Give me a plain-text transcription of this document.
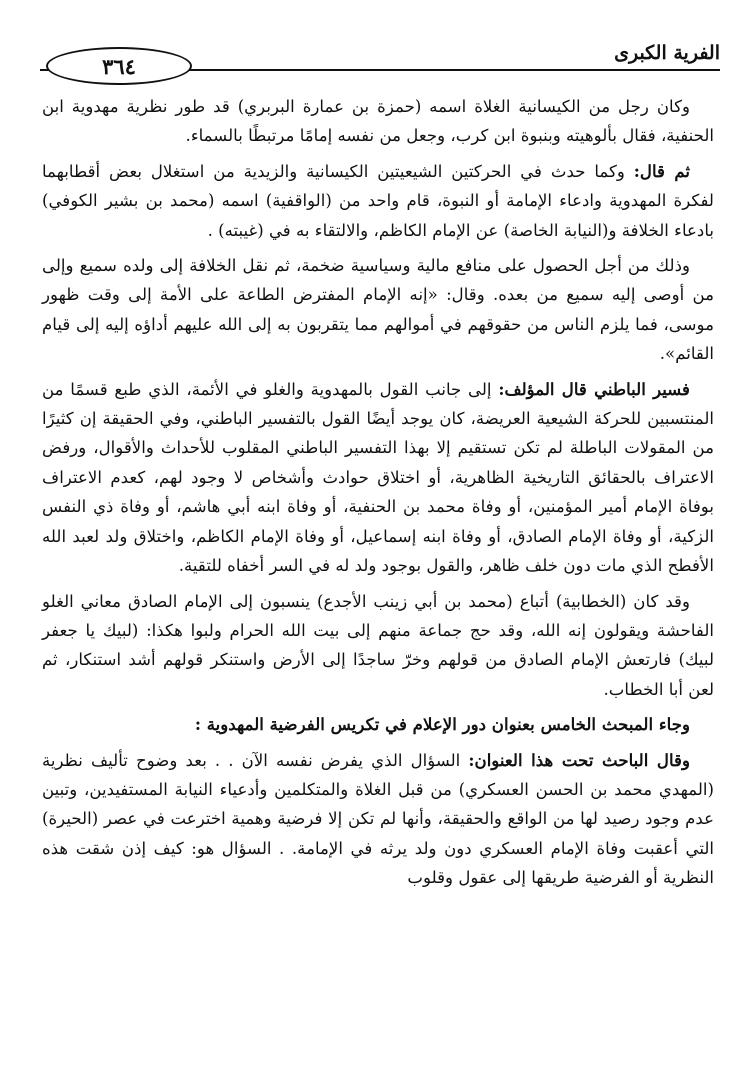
الفرية الكبرى
٣٦٤

وكان رجل من الكيسانية الغلاة اسمه (حمزة بن عمارة البربري) قد طور نظرية مهدوية ابن الحنفية، فقال بألوهيته وبنبوة ابن كرب، وجعل من نفسه إمامًا مرتبطًا بالسماء.

ثم قال: وكما حدث في الحركتين الشيعيتين الكيسانية والزيدية من استغلال بعض أقطابهما لفكرة المهدوية وادعاء الإمامة أو النبوة، قام واحد من (الواقفية) اسمه (محمد بن بشير الكوفي) بادعاء الخلافة و(النيابة الخاصة) عن الإمام الكاظم، والالتقاء به في (غيبته) .

وذلك من أجل الحصول على منافع مالية وسياسية ضخمة، ثم نقل الخلافة إلى ولده سميع وإلى من أوصى إليه سميع من بعده. وقال: «إنه الإمام المفترض الطاعة على الأمة إلى وقت ظهور موسى، فما يلزم الناس من حقوقهم في أموالهم مما يتقربون به إلى الله عليهم أداؤه إليه إلى قيام القائم».

فسير الباطني قال المؤلف: إلى جانب القول بالمهدوية والغلو في الأئمة، الذي طبع قسمًا من المنتسبين للحركة الشيعية العريضة، كان يوجد أيضًا القول بالتفسير الباطني، وفي الحقيقة إن كثيرًا من المقولات الباطلة لم تكن تستقيم إلا بهذا التفسير الباطني المقلوب للأحداث والأقوال، ورفض الاعتراف بالحقائق التاريخية الظاهرية، أو اختلاق حوادث وأشخاص لا وجود لهم، كعدم الاعتراف بوفاة الإمام أمير المؤمنين، أو وفاة محمد بن الحنفية، أو وفاة ابنه أبي هاشم، أو وفاة ذي النفس الزكية، أو وفاة الإمام الصادق، أو وفاة ابنه إسماعيل، أو وفاة الإمام الكاظم، واختلاق ولد لعبد الله الأفطح الذي مات دون خلف ظاهر، والقول بوجود ولد له في السر أخفاه للتقية.

وقد كان (الخطابية) أتباع (محمد بن أبي زينب الأجدع) ينسبون إلى الإمام الصادق معاني الغلو الفاحشة ويقولون إنه الله، وقد حج جماعة منهم إلى بيت الله الحرام ولبوا هكذا: (لبيك يا جعفر لبيك) فارتعش الإمام الصادق من قولهم وخرّ ساجدًا إلى الأرض واستنكر قولهم أشد استنكار، ثم لعن أبا الخطاب.

وجاء المبحث الخامس بعنوان دور الإعلام في تكريس الفرضية المهدوية :

وقال الباحث تحت هذا العنوان: السؤال الذي يفرض نفسه الآن . . بعد وضوح تأليف نظرية (المهدي محمد بن الحسن العسكري) من قبل الغلاة والمتكلمين وأدعياء النيابة المستفيدين، وتبين عدم وجود رصيد لها من الواقع والحقيقة، وأنها لم تكن إلا فرضية وهمية اخترعت في عصر (الحيرة) التي أعقبت وفاة الإمام العسكري دون ولد يرثه في الإمامة. . السؤال هو: كيف إذن شقت هذه النظرية أو الفرضية طريقها إلى عقول وقلوب
